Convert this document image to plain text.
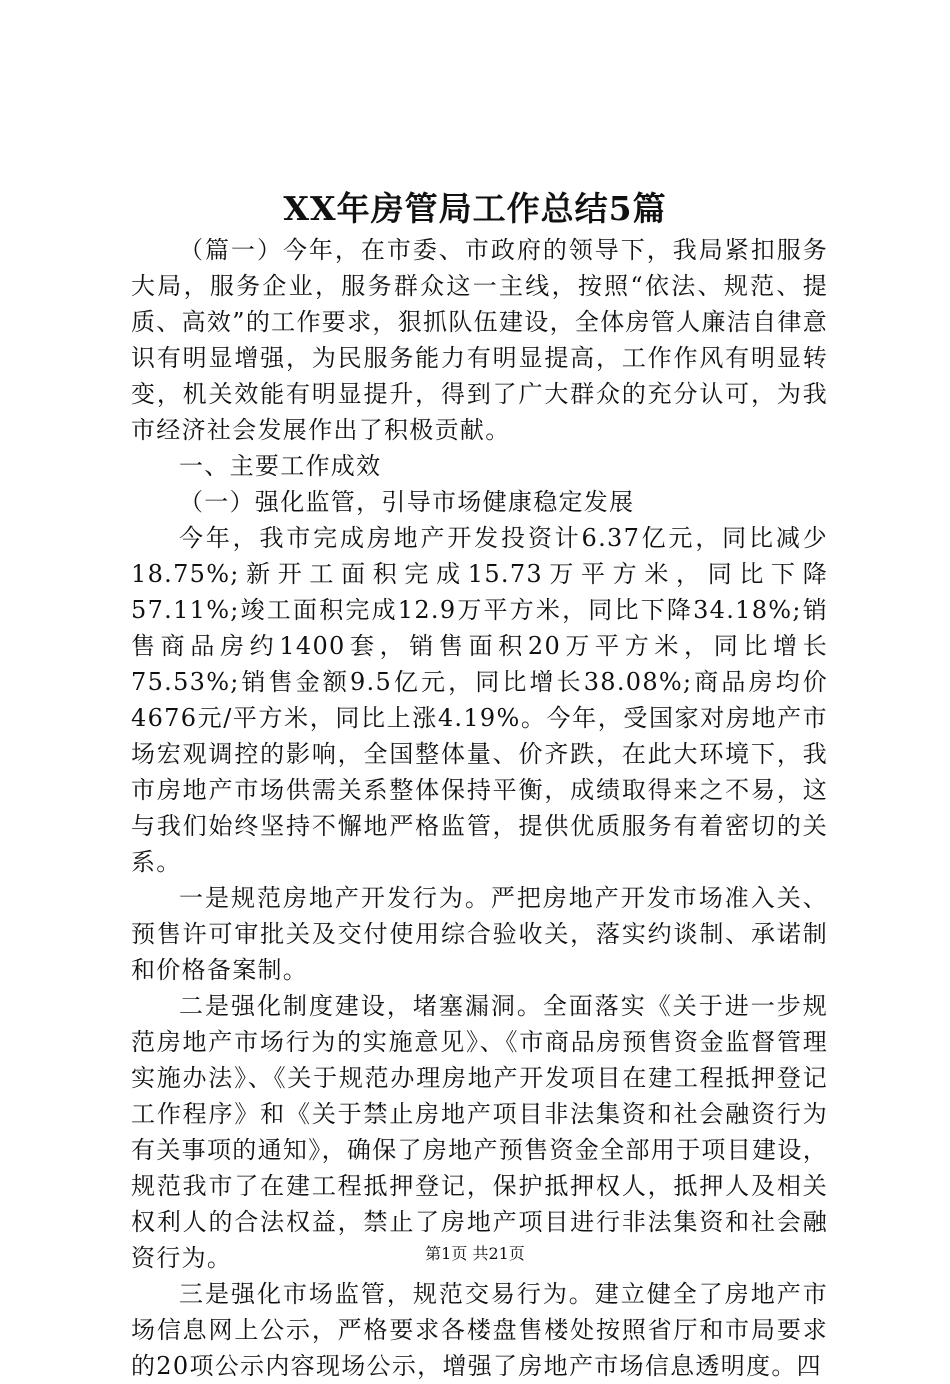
XX年房管局工作总结5篇

（篇一）今年，在市委、市政府的领导下，我局紧扣服务大局，服务企业，服务群众这一主线，按照“依法、规范、提质、高效”的工作要求，狠抓队伍建设，全体房管人廉洁自律意识有明显增强，为民服务能力有明显提高，工作作风有明显转变，机关效能有明显提升，得到了广大群众的充分认可，为我市经济社会发展作出了积极贡献。

一、主要工作成效

（一）强化监管，引导市场健康稳定发展

今年，我市完成房地产开发投资计6.37亿元，同比减少18.75%;新开工面积完成15.73万平方米，同比下降57.11%;竣工面积完成12.9万平方米，同比下降34.18%;销售商品房约1400套，销售面积20万平方米，同比增长75.53%;销售金额9.5亿元，同比增长38.08%;商品房均价4676元/平方米，同比上涨4.19%。今年，受国家对房地产市场宏观调控的影响，全国整体量、价齐跌，在此大环境下，我市房地产市场供需关系整体保持平衡，成绩取得来之不易，这与我们始终坚持不懈地严格监管，提供优质服务有着密切的关系。

一是规范房地产开发行为。严把房地产开发市场准入关、预售许可审批关及交付使用综合验收关，落实约谈制、承诺制和价格备案制。

二是强化制度建设，堵塞漏洞。全面落实《关于进一步规范房地产市场行为的实施意见》、《市商品房预售资金监督管理实施办法》、《关于规范办理房地产开发项目在建工程抵押登记工作程序》和《关于禁止房地产项目非法集资和社会融资行为有关事项的通知》，确保了房地产预售资金全部用于项目建设，规范我市了在建工程抵押登记，保护抵押权人，抵押人及相关权利人的合法权益，禁止了房地产项目进行非法集资和社会融资行为。

三是强化市场监管，规范交易行为。建立健全了房地产市场信息网上公示，严格要求各楼盘售楼处按照省厅和市局要求的20项公示内容现场公示，增强了房地产市场信息透明度。四

第1页 共21页
